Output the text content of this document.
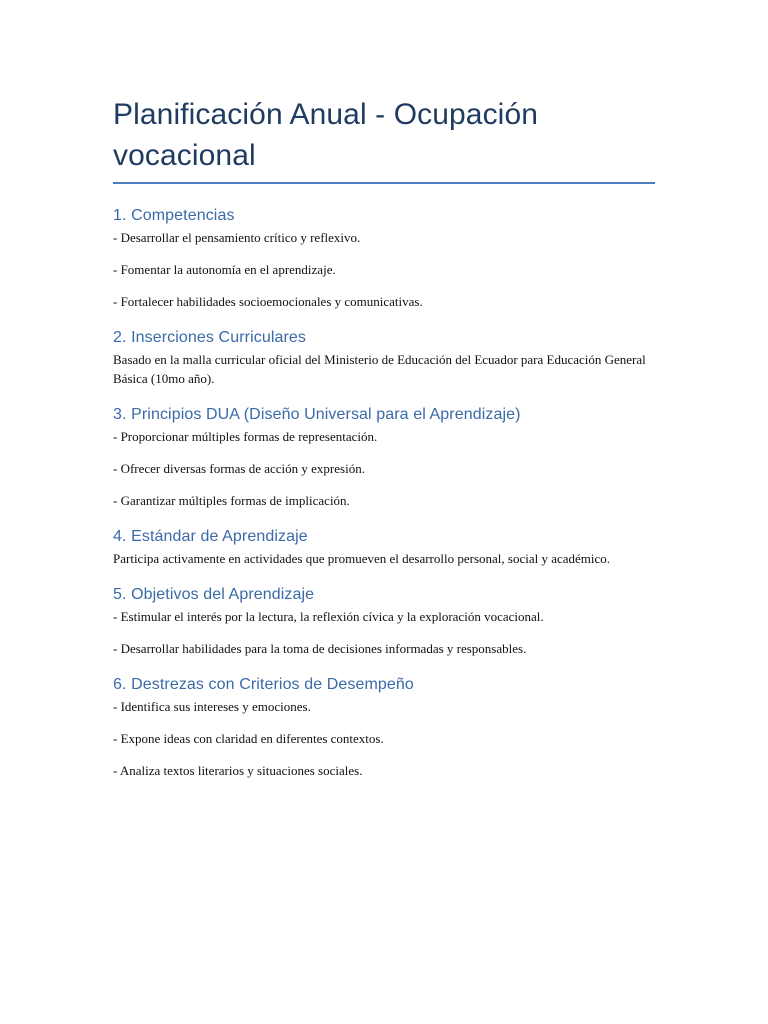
Planificación Anual - Ocupación vocacional
1. Competencias

- Desarrollar el pensamiento crítico y reflexivo.

- Fomentar la autonomía en el aprendizaje.

- Fortalecer habilidades socioemocionales y comunicativas.

2. Inserciones Curriculares

Basado en la malla curricular oficial del Ministerio de Educación del Ecuador para Educación General Básica (10mo año).

3. Principios DUA (Diseño Universal para el Aprendizaje)

- Proporcionar múltiples formas de representación.

- Ofrecer diversas formas de acción y expresión.

- Garantizar múltiples formas de implicación.

4. Estándar de Aprendizaje

Participa activamente en actividades que promueven el desarrollo personal, social y académico.

5. Objetivos del Aprendizaje

- Estimular el interés por la lectura, la reflexión cívica y la exploración vocacional.

- Desarrollar habilidades para la toma de decisiones informadas y responsables.

6. Destrezas con Criterios de Desempeño

- Identifica sus intereses y emociones.

- Expone ideas con claridad en diferentes contextos.

- Analiza textos literarios y situaciones sociales.
